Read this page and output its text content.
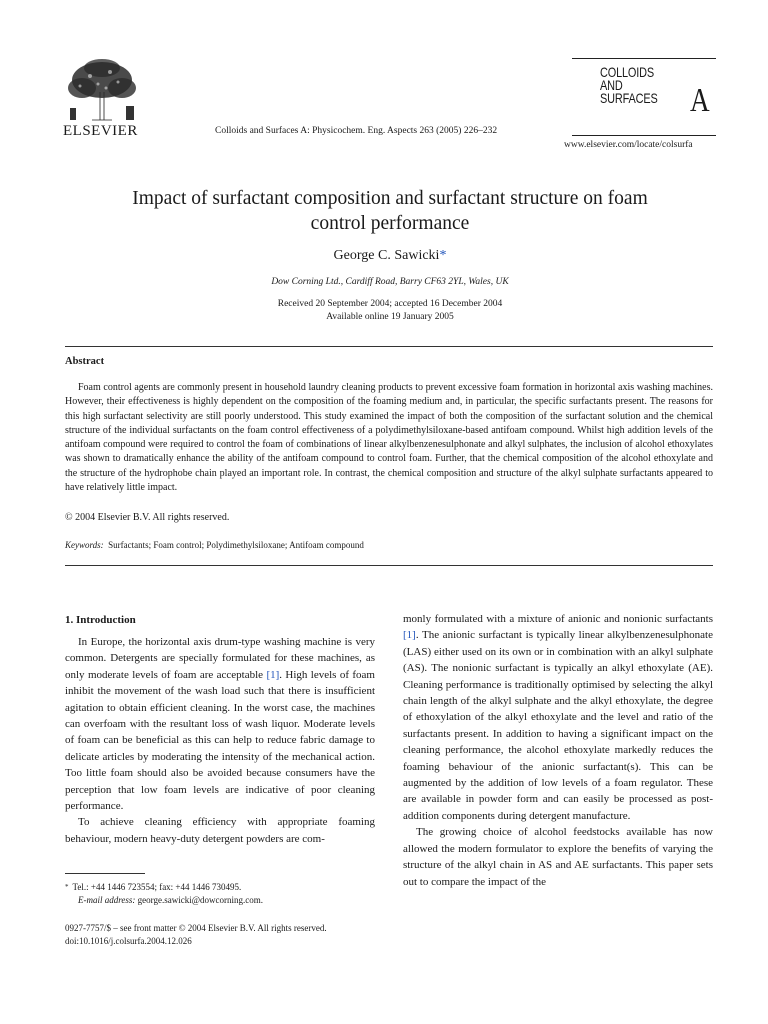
ELSEVIER	Colloids and Surfaces A: Physicochem. Eng. Aspects 263 (2005) 226–232
COLLOIDS
AND
SURFACES A
www.elsevier.com/locate/colsurfa
Impact of surfactant composition and surfactant structure on foam control performance
George C. Sawicki*
Dow Corning Ltd., Cardiff Road, Barry CF63 2YL, Wales, UK
Received 20 September 2004; accepted 16 December 2004
Available online 19 January 2005
Abstract

Foam control agents are commonly present in household laundry cleaning products to prevent excessive foam formation in horizontal axis washing machines. However, their effectiveness is highly dependent on the composition of the foaming medium and, in particular, the specific surfactants present. The reasons for this high surfactant selectivity are still poorly understood. This study examined the impact of both the composition of the surfactant solution and the chemical structure of the individual surfactants on the foam control effectiveness of a polydimethylsiloxane-based antifoam compound. Whilst high addition levels of the antifoam compound were required to control the foam of combinations of linear alkylbenzenesulphonate and alkyl sulphates, the inclusion of alcohol ethoxylates was shown to dramatically enhance the ability of the antifoam compound to control foam. Further, that the chemical composition of the alcohol ethoxylate and the structure of the hydrophobe chain played an important role. In contrast, the chemical composition and structure of the alkyl sulphate surfactants appeared to have relatively little impact.

© 2004 Elsevier B.V. All rights reserved.
Keywords: Surfactants; Foam control; Polydimethylsiloxane; Antifoam compound
1. Introduction

In Europe, the horizontal axis drum-type washing machine is very common. Detergents are specially formulated for these machines, as only moderate levels of foam are acceptable [1]. High levels of foam inhibit the movement of the wash load such that there is insufficient agitation to obtain efficient cleaning. In the worst case, the machines can overfoam with the resultant loss of wash liquor. Moderate levels of foam can be beneficial as this can help to reduce fabric damage to delicate articles by moderating the intensity of the mechanical action. Too little foam should also be avoided because consumers have the perception that low foam levels are indicative of poor cleaning performance.

To achieve cleaning efficiency with appropriate foaming behaviour, modern heavy-duty detergent powders are com-

monly formulated with a mixture of anionic and nonionic surfactants [1]. The anionic surfactant is typically linear alkylbenzenesulphonate (LAS) either used on its own or in combination with an alkyl sulphate (AS). The nonionic surfactant is typically an alkyl ethoxylate (AE). Cleaning performance is traditionally optimised by selecting the alkyl chain length of the alkyl sulphate and the alkyl ethoxylate, the degree of ethoxylation of the alkyl ethoxylate and the level and ratio of the surfactants present. In addition to having a significant impact on the cleaning performance, the alcohol ethoxylate markedly reduces the foaming behaviour of the anionic surfactant(s). This can be augmented by the addition of low levels of a foam regulator. These are available in powder form and can easily be processed as post-addition components during detergent manufacture.

The growing choice of alcohol feedstocks available has now allowed the modern formulator to explore the benefits of varying the structure of the alkyl chain in AS and AE surfactants. This paper sets out to compare the impact of the

* Tel.: +44 1446 723554; fax: +44 1446 730495.
E-mail address: george.sawicki@dowcorning.com.
0927-7757/$ – see front matter © 2004 Elsevier B.V. All rights reserved.
doi:10.1016/j.colsurfa.2004.12.026
